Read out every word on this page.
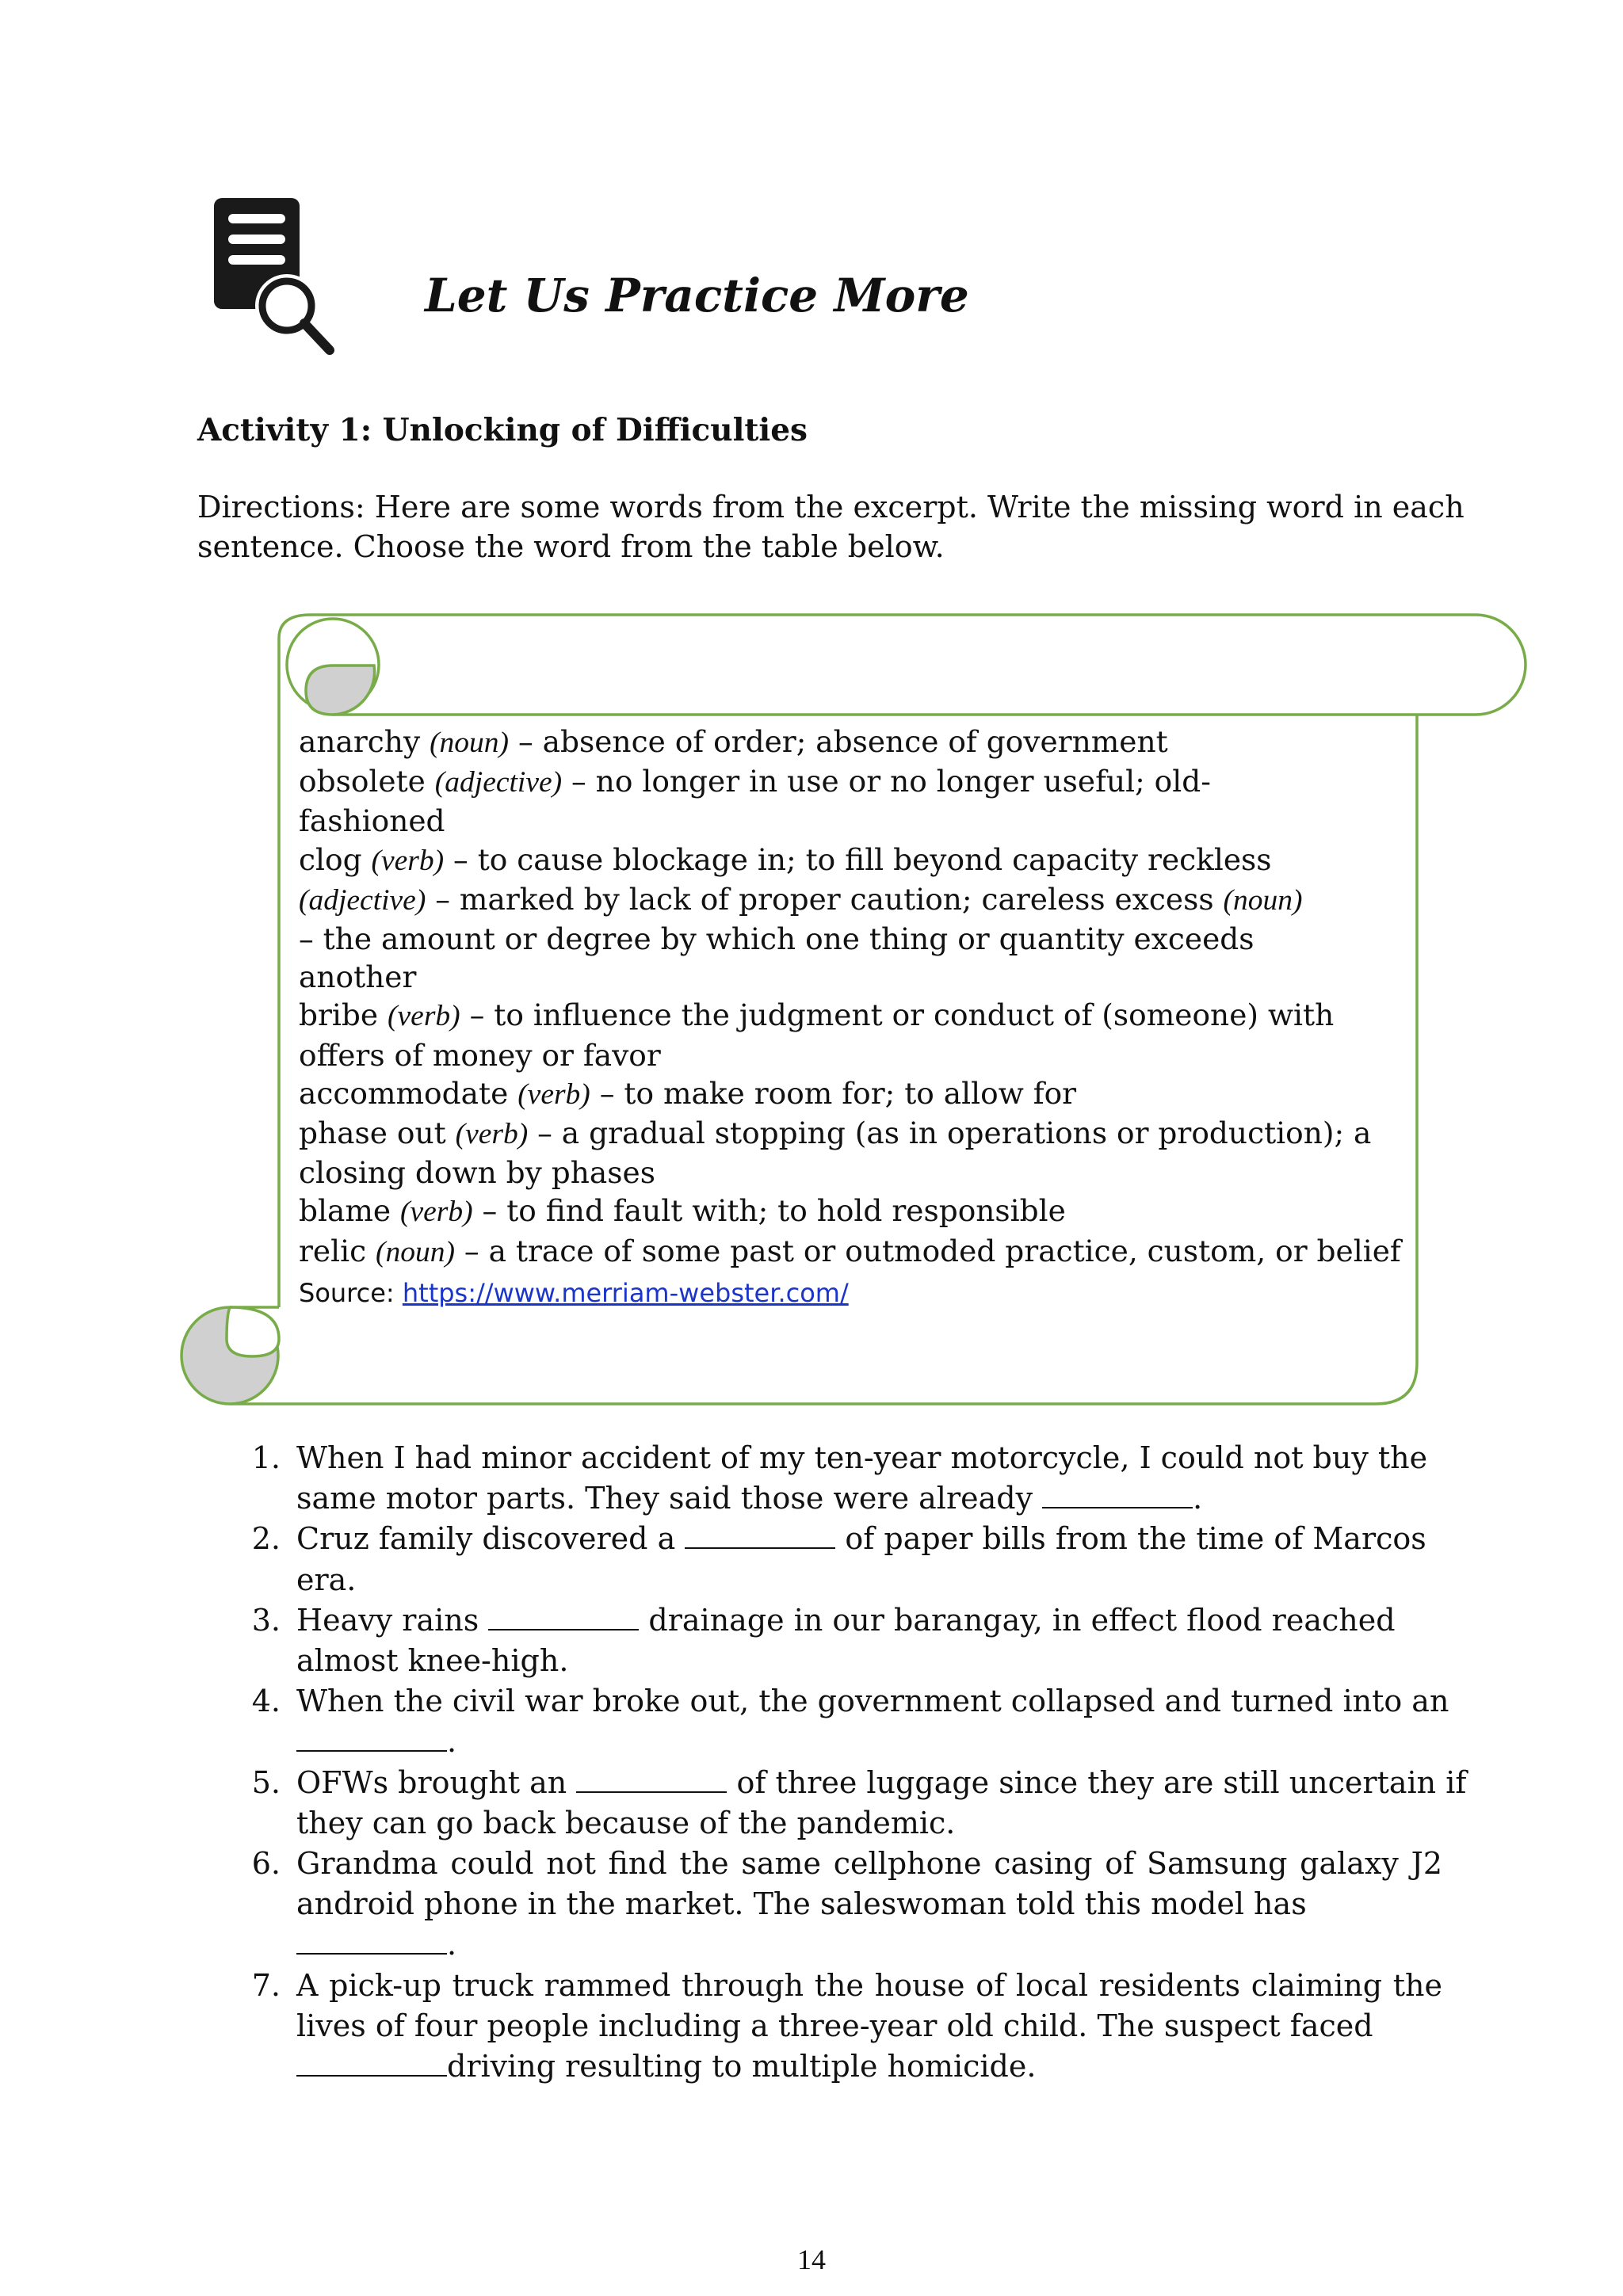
Let Us Practice More
Activity 1: Unlocking of Difficulties

Directions: Here are some words from the excerpt. Write the missing word in each
sentence. Choose the word from the table below.

anarchy (noun) – absence of order; absence of government
obsolete (adjective) – no longer in use or no longer useful; old-
fashioned
clog (verb) – to cause blockage in; to fill beyond capacity reckless
(adjective) – marked by lack of proper caution; careless excess (noun)
– the amount or degree by which one thing or quantity exceeds
another
bribe (verb) – to influence the judgment or conduct of (someone) with
offers of money or favor
accommodate (verb) – to make room for; to allow for
phase out (verb) – a gradual stopping (as in operations or production); a
closing down by phases
blame (verb) – to find fault with; to hold responsible
relic (noun) – a trace of some past or outmoded practice, custom, or belief
Source: https://www.merriam-webster.com/
1. When I had minor accident of my ten-year motorcycle, I could not buy the
same motor parts. They said those were already	.
2. Cruz family discovered a	of paper bills from the time of Marcos
era.
3. Heavy rains	drainage in our barangay, in effect flood reached
almost knee-high.
4. When the civil war broke out, the government collapsed and turned into an
.
5. OFWs brought an	of three luggage since they are still uncertain if
they can go back because of the pandemic.
6. Grandma could not find the same cellphone casing of Samsung galaxy J2
android phone in the market. The saleswoman told this model has
.
7. A pick-up truck rammed through the house of local residents claiming the
lives of four people including a three-year old child. The suspect faced
driving resulting to multiple homicide.
14
